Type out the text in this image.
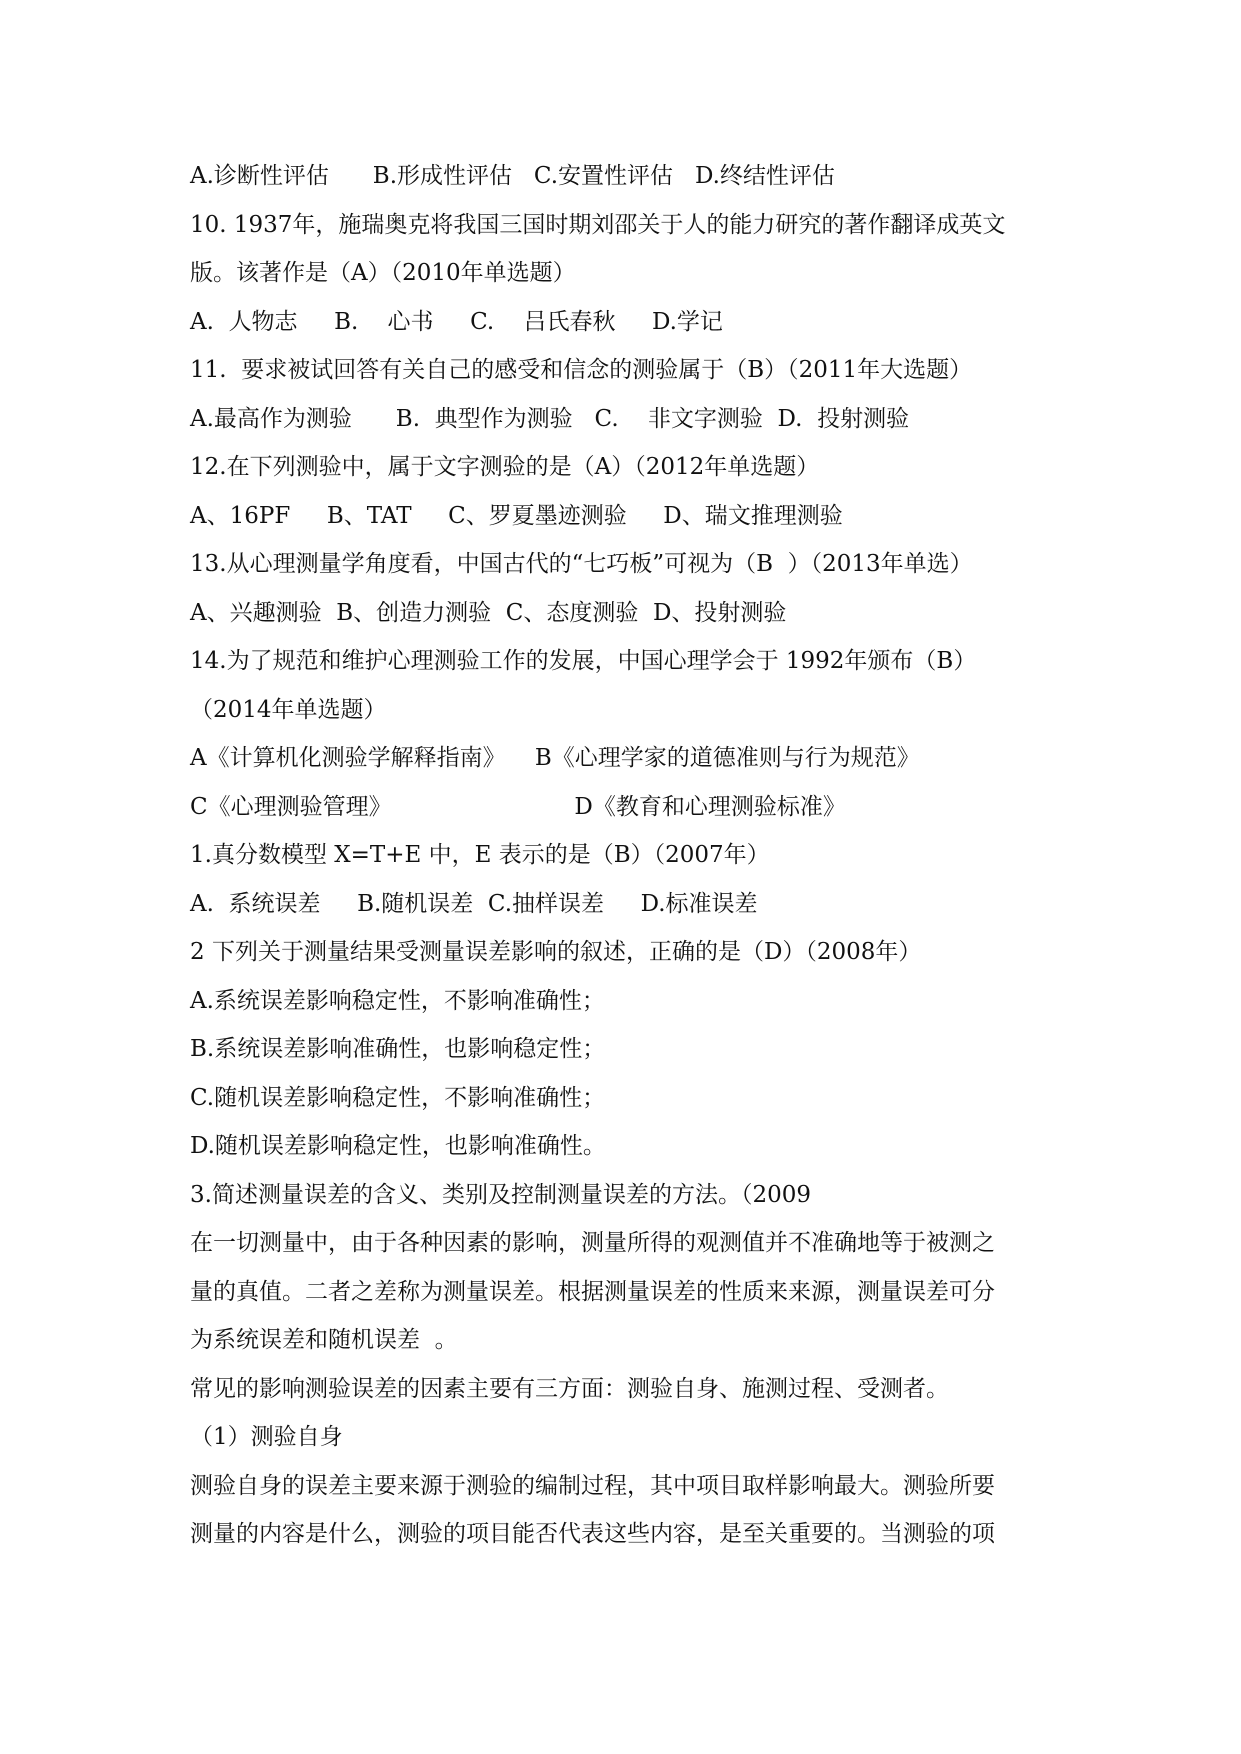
A.诊断性评估      B.形成性评估   C.安置性评估   D.终结性评估
10. 1937年，施瑞奥克将我国三国时期刘邵关于人的能力研究的著作翻译成英文
版。该著作是（A）（2010年单选题）
A.  人物志     B.    心书     C.    吕氏春秋     D.学记
11.  要求被试回答有关自己的感受和信念的测验属于（B）（2011年大选题）
A.最高作为测验      B.  典型作为测验   C.    非文字测验  D.  投射测验
12.在下列测验中，属于文字测验的是（A）（2012年单选题）
A、16PF     B、TAT     C、罗夏墨迹测验     D、瑞文推理测验
13.从心理测量学角度看，中国古代的“七巧板”可视为（B  ）（2013年单选）
A、兴趣测验  B、创造力测验  C、态度测验  D、投射测验
14.为了规范和维护心理测验工作的发展，中国心理学会于 1992年颁布（B）
（2014年单选题）
A《计算机化测验学解释指南》    B《心理学家的道德准则与行为规范》
C《心理测验管理》                         D《教育和心理测验标准》
1.真分数模型 X=T+E 中，E 表示的是（B）（2007年）
A.  系统误差     B.随机误差  C.抽样误差     D.标准误差
2 下列关于测量结果受测量误差影响的叙述，正确的是（D）（2008年）
A.系统误差影响稳定性，不影响准确性；
B.系统误差影响准确性，也影响稳定性；
C.随机误差影响稳定性，不影响准确性；
D.随机误差影响稳定性，也影响准确性。
3.简述测量误差的含义、类别及控制测量误差的方法。（2009
在一切测量中，由于各种因素的影响，测量所得的观测值并不准确地等于被测之
量的真值。二者之差称为测量误差。根据测量误差的性质来来源，测量误差可分
为系统误差和随机误差  。
常见的影响测验误差的因素主要有三方面：测验自身、施测过程、受测者。
（1）测验自身
测验自身的误差主要来源于测验的编制过程，其中项目取样影响最大。测验所要
测量的内容是什么，测验的项目能否代表这些内容，是至关重要的。当测验的项
